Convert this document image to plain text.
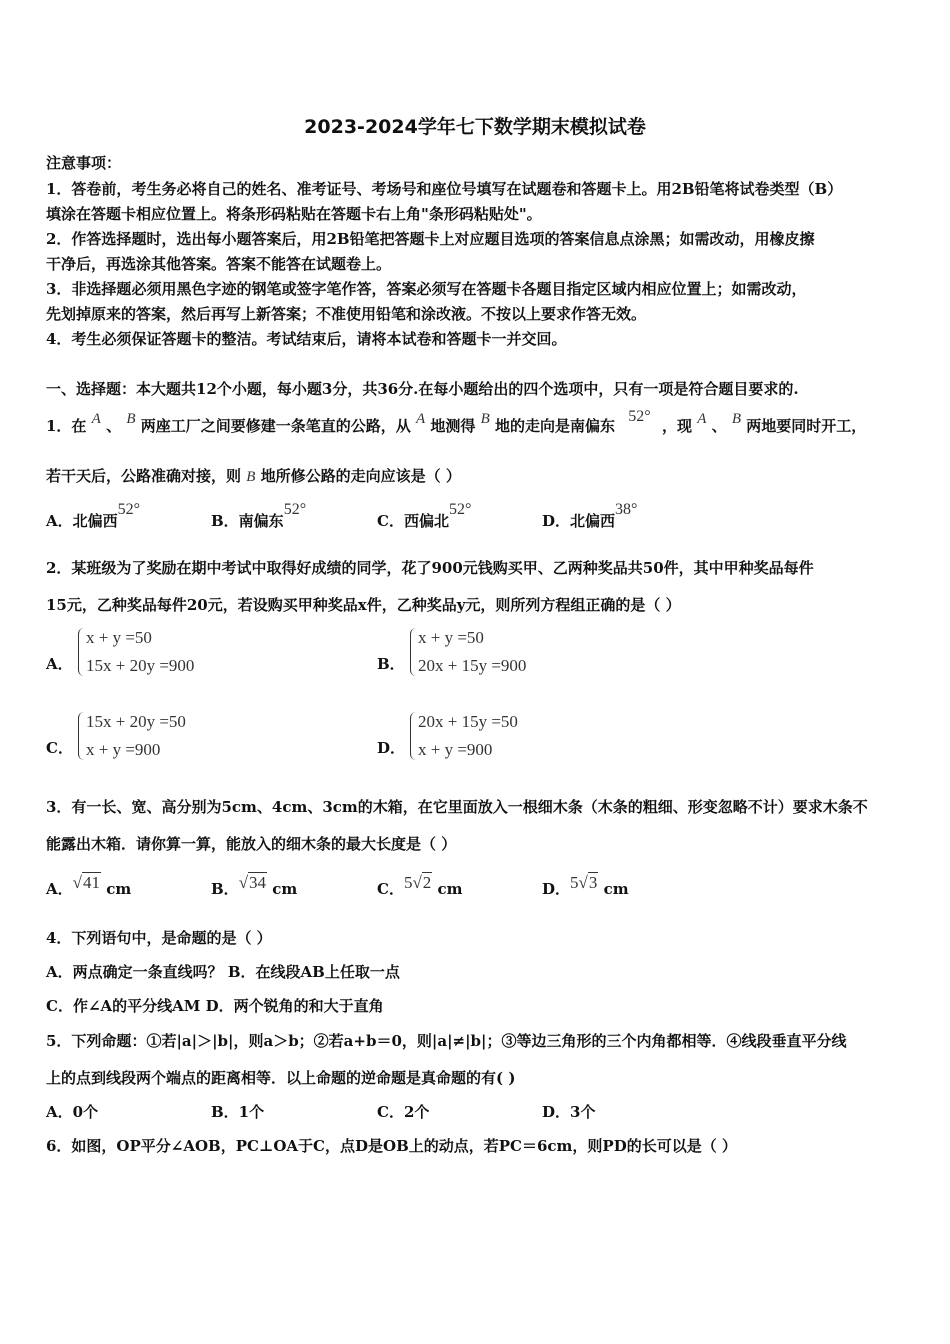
2023-2024学年七下数学期末模拟试卷
注意事项：
1．答卷前，考生务必将自己的姓名、准考证号、考场号和座位号填写在试题卷和答题卡上。用2B铅笔将试卷类型（B）
填涂在答题卡相应位置上。将条形码粘贴在答题卡右上角"条形码粘贴处"。
2．作答选择题时，选出每小题答案后，用2B铅笔把答题卡上对应题目选项的答案信息点涂黑；如需改动，用橡皮擦
干净后，再选涂其他答案。答案不能答在试题卷上。
3．非选择题必须用黑色字迹的钢笔或签字笔作答，答案必须写在答题卡各题目指定区域内相应位置上；如需改动，
先划掉原来的答案，然后再写上新答案；不准使用铅笔和涂改液。不按以上要求作答无效。
4．考生必须保证答题卡的整洁。考试结束后，请将本试卷和答题卡一并交回。
一、选择题：本大题共12个小题，每小题3分，共36分.在每小题给出的四个选项中，只有一项是符合题目要求的.
1．在 A 、 B 两座工厂之间要修建一条笔直的公路，从 A 地测得 B 地的走向是南偏东 52° ，现 A 、 B 两地要同时开工，
若干天后，公路准确对接，则 B 地所修公路的走向应该是（ ）
A．北偏西52°
B．南偏东52°
C．西偏北52°
D．北偏西38°
2．某班级为了奖励在期中考试中取得好成绩的同学，花了900元钱购买甲、乙两种奖品共50件，其中甲种奖品每件
15元，乙种奖品每件20元，若设购买甲种奖品x件，乙种奖品y元，则所列方程组正确的是（ ）
A．
x + y =50
15x + 20y =900	B．
x + y =50
20x + 15y =900
C．
15x + 20y =50
x + y =900	D．
20x + 15y =50
x + y =900
3．有一长、宽、高分别为5cm、4cm、3cm的木箱，在它里面放入一根细木条（木条的粗细、形变忽略不计）要求木条不
能露出木箱．请你算一算，能放入的细木条的最大长度是（ ）
A．√41 cm	B．√34 cm	C．5√2 cm	D．5√3 cm
4．下列语句中，是命题的是（ ）
A．两点确定一条直线吗？ B．在线段AB上任取一点
C．作∠A的平分线AM D．两个锐角的和大于直角
5．下列命题：①若|a|＞|b|，则a＞b；②若a+b＝0，则|a|≠|b|；③等边三角形的三个内角都相等．④线段垂直平分线
上的点到线段两个端点的距离相等．以上命题的逆命题是真命题的有( )
A．0个	B．1个	C．2个	D．3个
6．如图，OP平分∠AOB，PC⊥OA于C，点D是OB上的动点，若PC＝6cm，则PD的长可以是（ ）
